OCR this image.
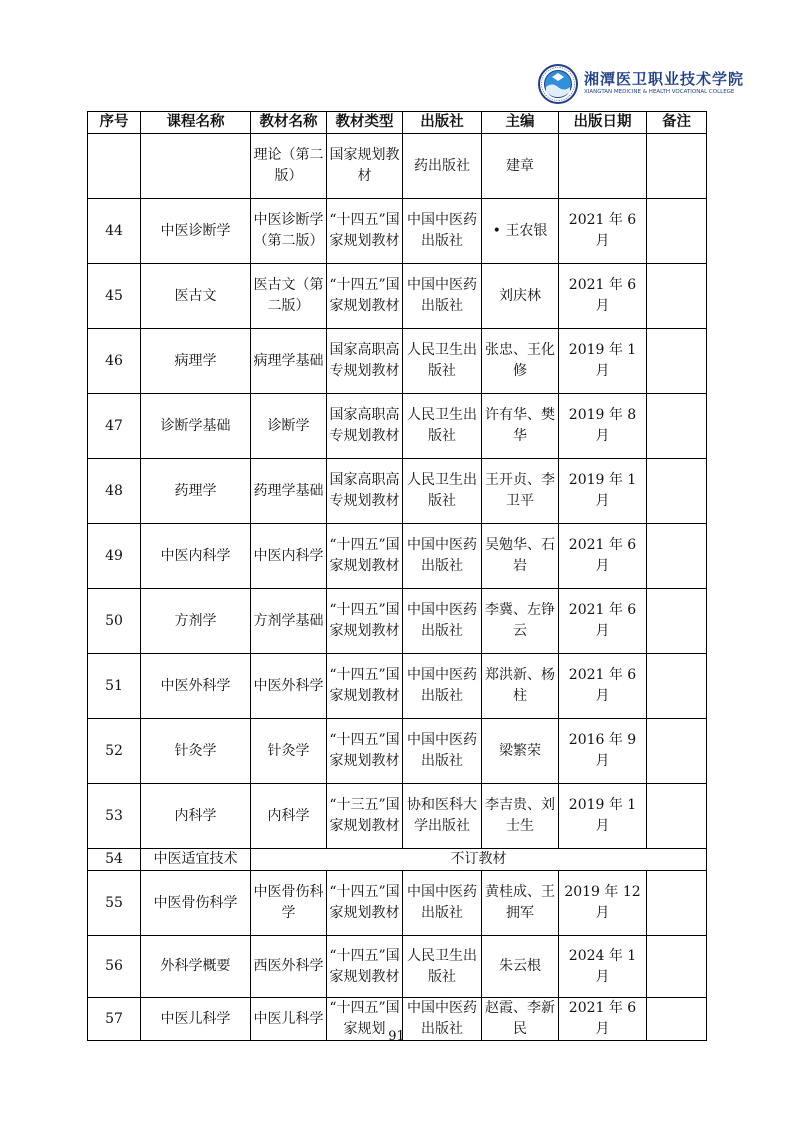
湘潭医卫职业技术学院
XIANGTAN MEDICINE & HEALTH VOCATIONAL COLLEGE
序号	课程名称	教材名称	教材类型	出版社	主编	出版日期	备注
		理论（第二版）	国家规划教材	药出版社	建章		
44	中医诊断学	中医诊断学（第二版）	“十四五”国家规划教材	中国中医药出版社	• 王农银	2021 年 6 月	
45	医古文	医古文（第二版）	“十四五”国家规划教材	中国中医药出版社	刘庆林	2021 年 6 月	
46	病理学	病理学基础	国家高职高专规划教材	人民卫生出版社	张忠、王化修	2019 年 1 月	
47	诊断学基础	诊断学	国家高职高专规划教材	人民卫生出版社	许有华、樊华	2019 年 8 月	
48	药理学	药理学基础	国家高职高专规划教材	人民卫生出版社	王开贞、李卫平	2019 年 1 月	
49	中医内科学	中医内科学	“十四五”国家规划教材	中国中医药出版社	吴勉华、石岩	2021 年 6 月	
50	方剂学	方剂学基础	“十四五”国家规划教材	中国中医药出版社	李冀、左铮云	2021 年 6 月	
51	中医外科学	中医外科学	“十四五”国家规划教材	中国中医药出版社	郑洪新、杨柱	2021 年 6 月	
52	针灸学	针灸学	“十四五”国家规划教材	中国中医药出版社	梁繁荣	2016 年 9 月	
53	内科学	内科学	“十三五”国家规划教材	协和医科大学出版社	李吉贵、刘士生	2019 年 1 月	
54	中医适宜技术	不订教材					
55	中医骨伤科学	中医骨伤科学	“十四五”国家规划教材	中国中医药出版社	黄桂成、王拥军	2019 年 12 月	
56	外科学概要	西医外科学	“十四五”国家规划教材	人民卫生出版社	朱云根	2024 年 1 月	
57	中医儿科学	中医儿科学	“十四五”国家规划	中国中医药出版社	赵霞、李新民	2021 年 6 月	
91
